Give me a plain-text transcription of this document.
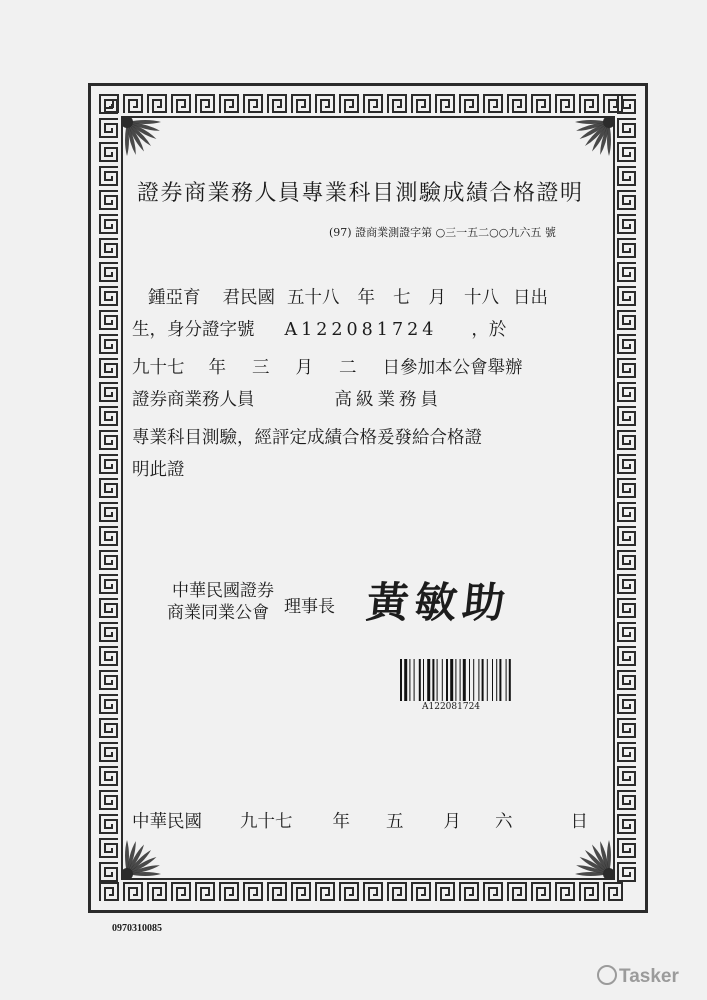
證券商業務人員專業科目測驗成績合格證明
(97) 證商業測證字第 ○三一五二○○九六五 號
鍾亞育 君民國 五十八 年 七 月 十八 日出
生，身分證字號 A122081724 ，於
九十七 年 三 月 二 日參加本公會舉辦
證券商業務人員	高級業務員
專業科目測驗，經評定成績合格爰發給合格證
明此證
中華民國證券
商業同業公會 理事長 黃敏助
A122081724
中華民國 九十七 年 五 月 六	日
0970310085
Tasker
